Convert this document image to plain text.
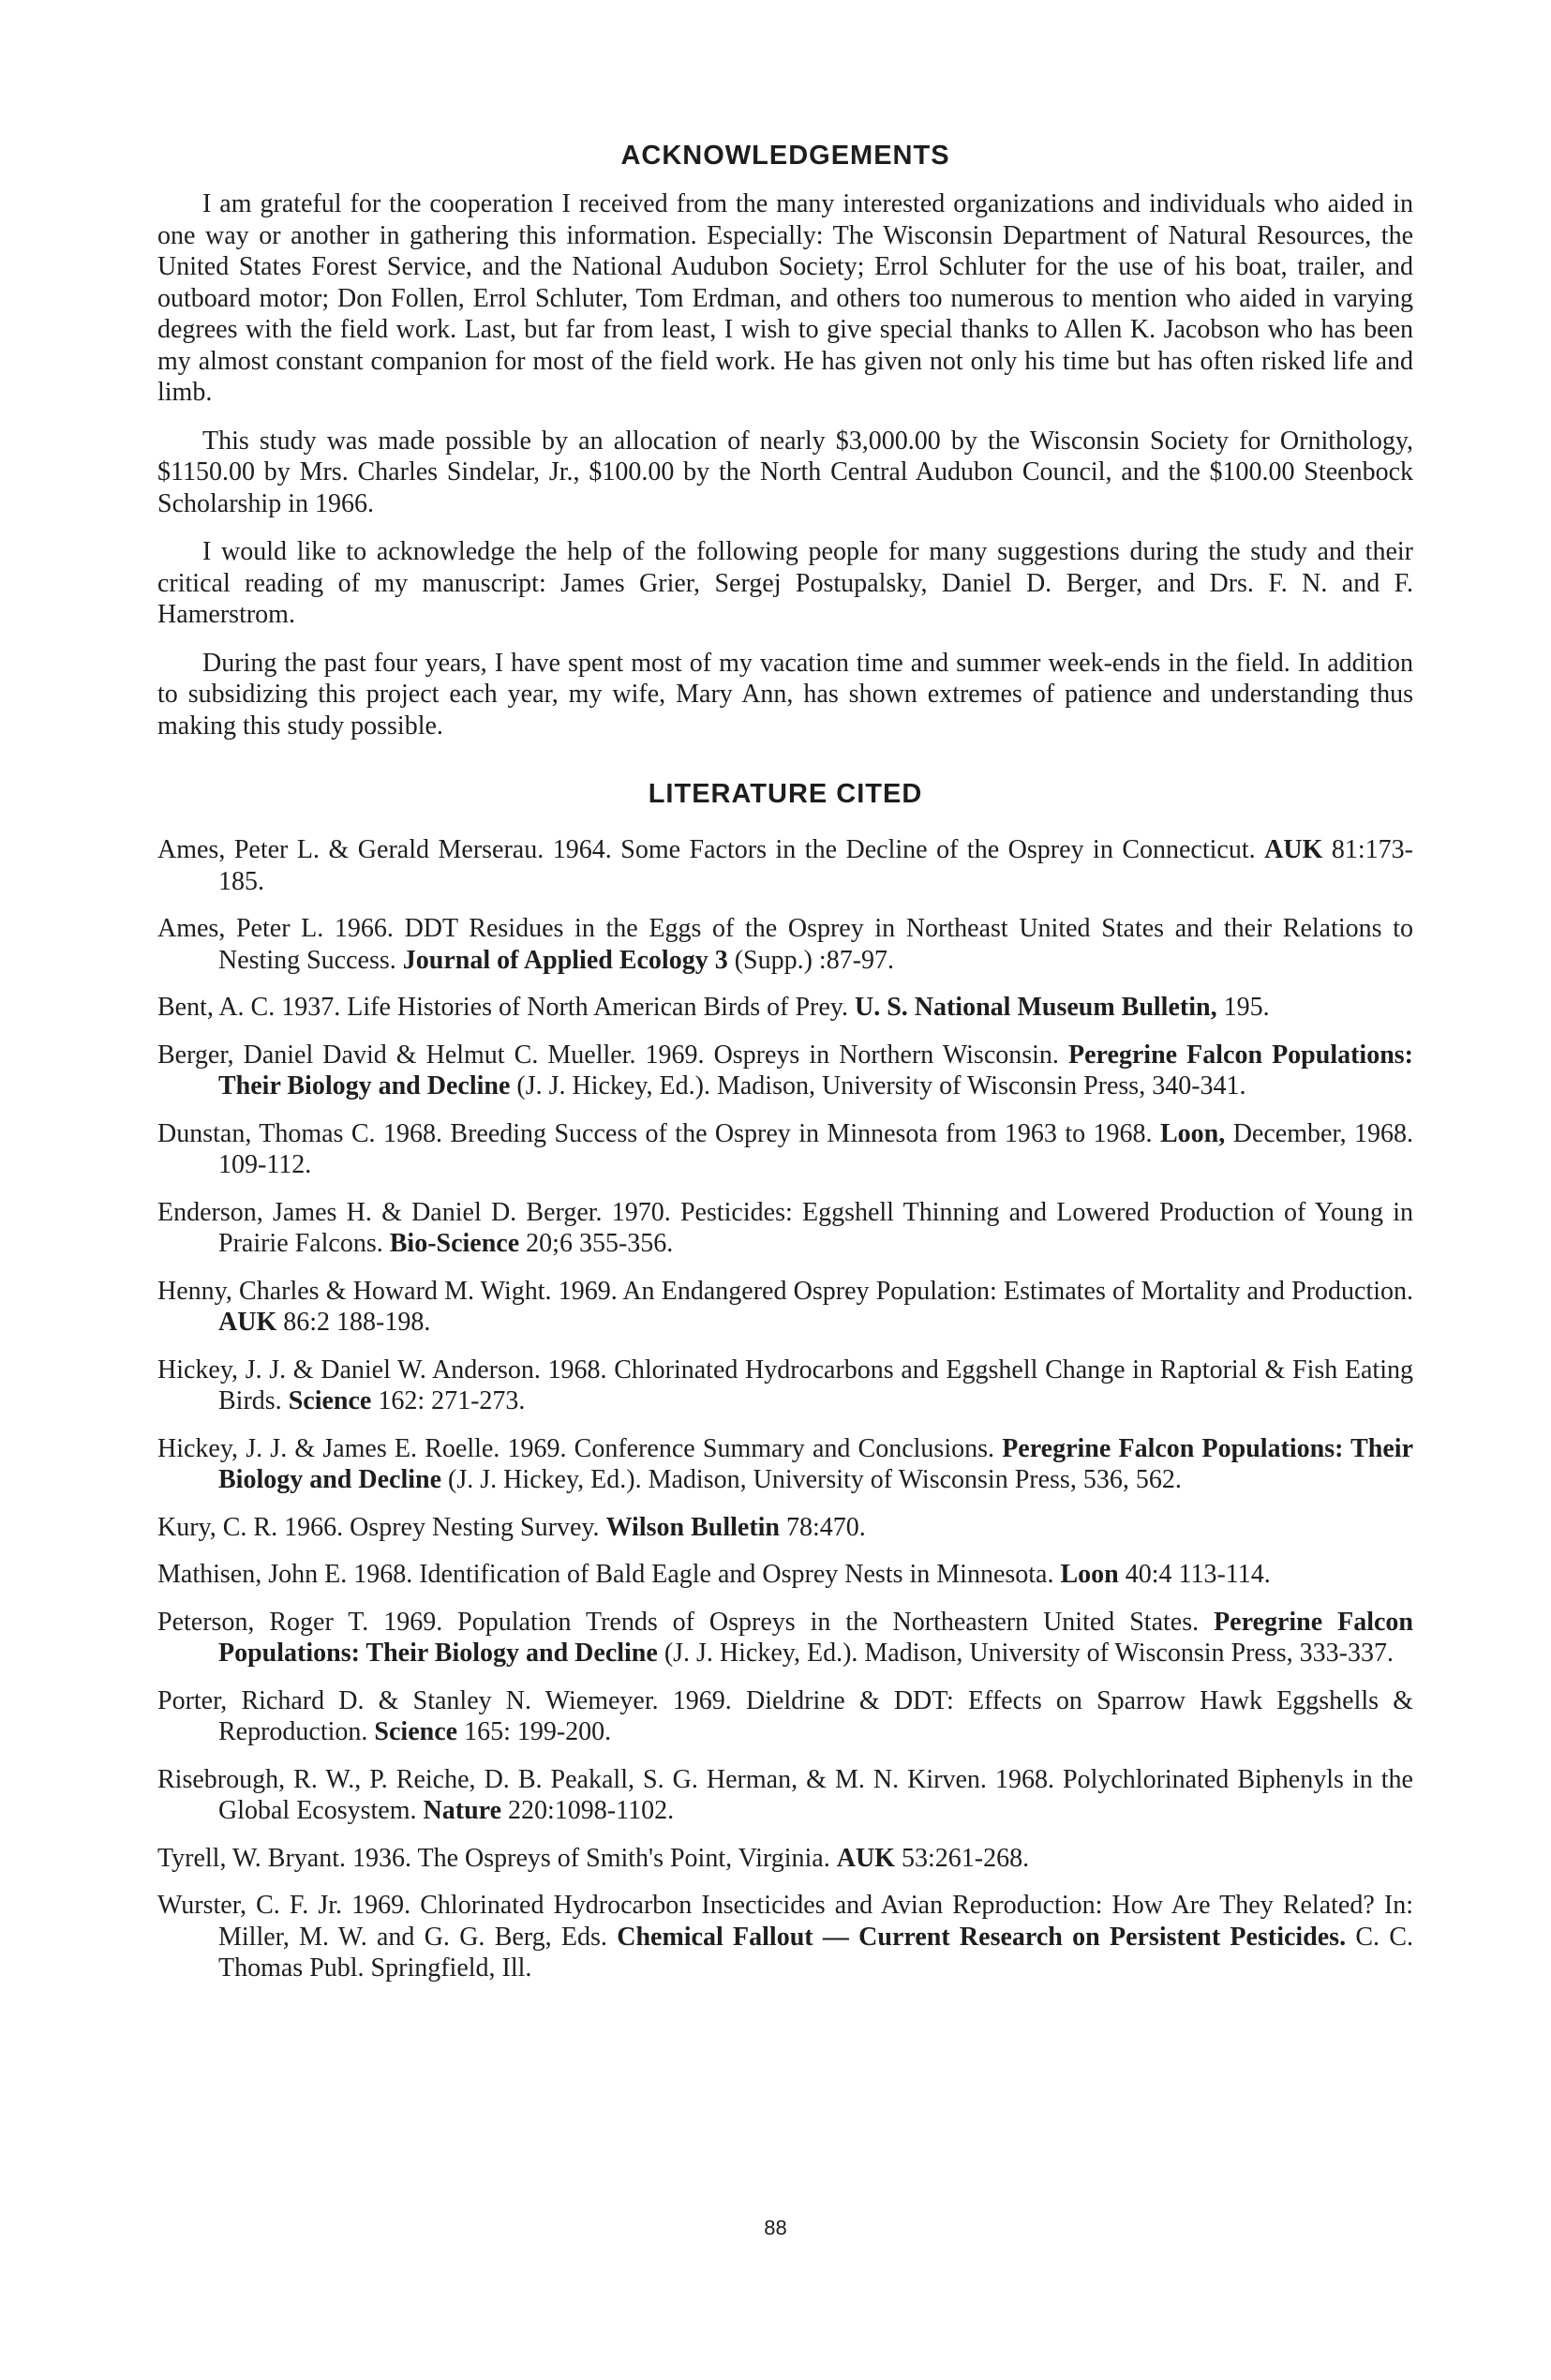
ACKNOWLEDGEMENTS

I am grateful for the cooperation I received from the many interested organizations and individuals who aided in one way or another in gathering this information. Especially: The Wisconsin Department of Natural Resources, the United States Forest Service, and the National Audubon Society; Errol Schluter for the use of his boat, trailer, and outboard motor; Don Follen, Errol Schluter, Tom Erdman, and others too numerous to mention who aided in varying degrees with the field work. Last, but far from least, I wish to give special thanks to Allen K. Jacobson who has been my almost constant companion for most of the field work. He has given not only his time but has often risked life and limb.

This study was made possible by an allocation of nearly $3,000.00 by the Wisconsin Society for Ornithology, $1150.00 by Mrs. Charles Sindelar, Jr., $100.00 by the North Central Audubon Council, and the $100.00 Steenbock Scholarship in 1966.

I would like to acknowledge the help of the following people for many suggestions during the study and their critical reading of my manuscript: James Grier, Sergej Postupalsky, Daniel D. Berger, and Drs. F. N. and F. Hamerstrom.

During the past four years, I have spent most of my vacation time and summer week-ends in the field. In addition to subsidizing this project each year, my wife, Mary Ann, has shown extremes of patience and understanding thus making this study possible.

LITERATURE CITED

Ames, Peter L. & Gerald Merserau. 1964. Some Factors in the Decline of the Osprey in Connecticut. AUK 81:173-185.

Ames, Peter L. 1966. DDT Residues in the Eggs of the Osprey in Northeast United States and their Relations to Nesting Success. Journal of Applied Ecology 3 (Supp.) :87-97.

Bent, A. C. 1937. Life Histories of North American Birds of Prey. U. S. National Museum Bulletin, 195.

Berger, Daniel David & Helmut C. Mueller. 1969. Ospreys in Northern Wisconsin. Peregrine Falcon Populations: Their Biology and Decline (J. J. Hickey, Ed.). Madison, University of Wisconsin Press, 340-341.

Dunstan, Thomas C. 1968. Breeding Success of the Osprey in Minnesota from 1963 to 1968. Loon, December, 1968. 109-112.

Enderson, James H. & Daniel D. Berger. 1970. Pesticides: Eggshell Thinning and Lowered Production of Young in Prairie Falcons. Bio-Science 20;6 355-356.

Henny, Charles & Howard M. Wight. 1969. An Endangered Osprey Population: Estimates of Mortality and Production. AUK 86:2 188-198.

Hickey, J. J. & Daniel W. Anderson. 1968. Chlorinated Hydrocarbons and Eggshell Change in Raptorial & Fish Eating Birds. Science 162: 271-273.

Hickey, J. J. & James E. Roelle. 1969. Conference Summary and Conclusions. Peregrine Falcon Populations: Their Biology and Decline (J. J. Hickey, Ed.). Madison, University of Wisconsin Press, 536, 562.

Kury, C. R. 1966. Osprey Nesting Survey. Wilson Bulletin 78:470.

Mathisen, John E. 1968. Identification of Bald Eagle and Osprey Nests in Minnesota. Loon 40:4 113-114.

Peterson, Roger T. 1969. Population Trends of Ospreys in the Northeastern United States. Peregrine Falcon Populations: Their Biology and Decline (J. J. Hickey, Ed.). Madison, University of Wisconsin Press, 333-337.

Porter, Richard D. & Stanley N. Wiemeyer. 1969. Dieldrine & DDT: Effects on Sparrow Hawk Eggshells & Reproduction. Science 165: 199-200.

Risebrough, R. W., P. Reiche, D. B. Peakall, S. G. Herman, & M. N. Kirven. 1968. Polychlorinated Biphenyls in the Global Ecosystem. Nature 220:1098-1102.

Tyrell, W. Bryant. 1936. The Ospreys of Smith's Point, Virginia. AUK 53:261-268.

Wurster, C. F. Jr. 1969. Chlorinated Hydrocarbon Insecticides and Avian Reproduction: How Are They Related? In: Miller, M. W. and G. G. Berg, Eds. Chemical Fallout — Current Research on Persistent Pesticides. C. C. Thomas Publ. Springfield, Ill.

88
